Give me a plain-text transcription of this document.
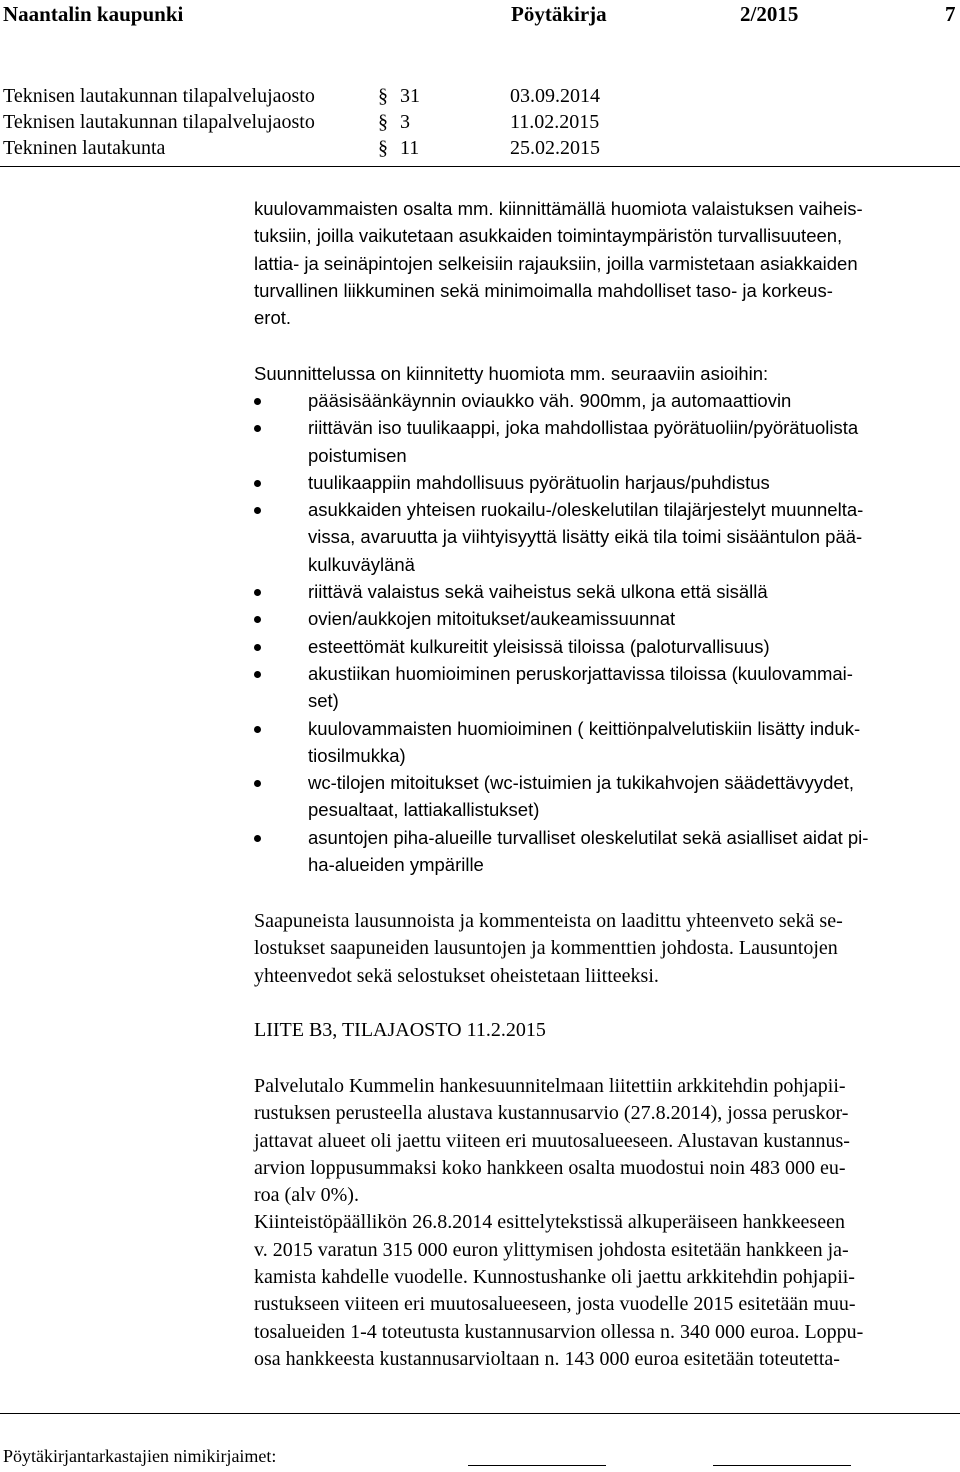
Naantalin kaupunki	Pöytäkirja	2/2015	7
Teknisen lautakunnan tilapalvelujaosto	§ 31	03.09.2014
Teknisen lautakunnan tilapalvelujaosto	§ 3	11.02.2015
Tekninen lautakunta	§ 11	25.02.2015
kuulovammaisten osalta mm. kiinnittämällä huomiota valaistuksen vaiheis-
tuksiin, joilla vaikutetaan asukkaiden toimintaympäristön turvallisuuteen,
lattia- ja seinäpintojen selkeisiin rajauksiin, joilla varmistetaan asiakkaiden
turvallinen liikkuminen sekä minimoimalla mahdolliset taso- ja korkeus-
erot.
Suunnittelussa on kiinnitetty huomiota mm. seuraaviin asioihin:
pääsisäänkäynnin oviaukko väh. 900mm, ja automaattiovin
riittävän iso tuulikaappi, joka mahdollistaa pyörätuoliin/pyörätuolista
poistumisen
tuulikaappiin mahdollisuus pyörätuolin harjaus/puhdistus
asukkaiden yhteisen ruokailu-/oleskelutilan tilajärjestelyt muunnelta-
vissa, avaruutta ja viihtyisyyttä lisätty eikä tila toimi sisääntulon pää-
kulkuväylänä
riittävä valaistus sekä vaiheistus sekä ulkona että sisällä
ovien/aukkojen mitoitukset/aukeamissuunnat
esteettömät kulkureitit yleisissä tiloissa (paloturvallisuus)
akustiikan huomioiminen peruskorjattavissa tiloissa (kuulovammai-
set)
kuulovammaisten huomioiminen ( keittiönpalvelutiskiin lisätty induk-
tiosilmukka)
wc-tilojen mitoitukset (wc-istuimien ja tukikahvojen säädettävyydet,
pesualtaat, lattiakallistukset)
asuntojen piha-alueille turvalliset oleskelutilat sekä asialliset aidat pi-
ha-alueiden ympärille
Saapuneista lausunnoista ja kommenteista on laadittu yhteenveto sekä se-
lostukset saapuneiden lausuntojen ja kommenttien johdosta. Lausuntojen
yhteenvedot sekä selostukset oheistetaan liitteeksi.
LIITE B3, TILAJAOSTO 11.2.2015
Palvelutalo Kummelin hankesuunnitelmaan liitettiin arkkitehdin pohjapii-
rustuksen perusteella alustava kustannusarvio (27.8.2014), jossa peruskor-
jattavat alueet oli jaettu viiteen eri muutosalueeseen. Alustavan kustannus-
arvion loppusummaksi koko hankkeen osalta muodostui noin 483 000 eu-
roa (alv 0%).
Kiinteistöpäällikön 26.8.2014 esittelytekstissä alkuperäiseen hankkeeseen
v. 2015 varatun 315 000 euron ylittymisen johdosta esitetään hankkeen ja-
kamista kahdelle vuodelle. Kunnostushanke oli jaettu arkkitehdin pohjapii-
rustukseen viiteen eri muutosalueeseen, josta vuodelle 2015 esitetään muu-
tosalueiden 1-4 toteutusta kustannusarvion ollessa n. 340 000 euroa. Loppu-
osa hankkeesta kustannusarvioltaan n. 143 000 euroa esitetään toteutetta-
Pöytäkirjantarkastajien nimikirjaimet:
